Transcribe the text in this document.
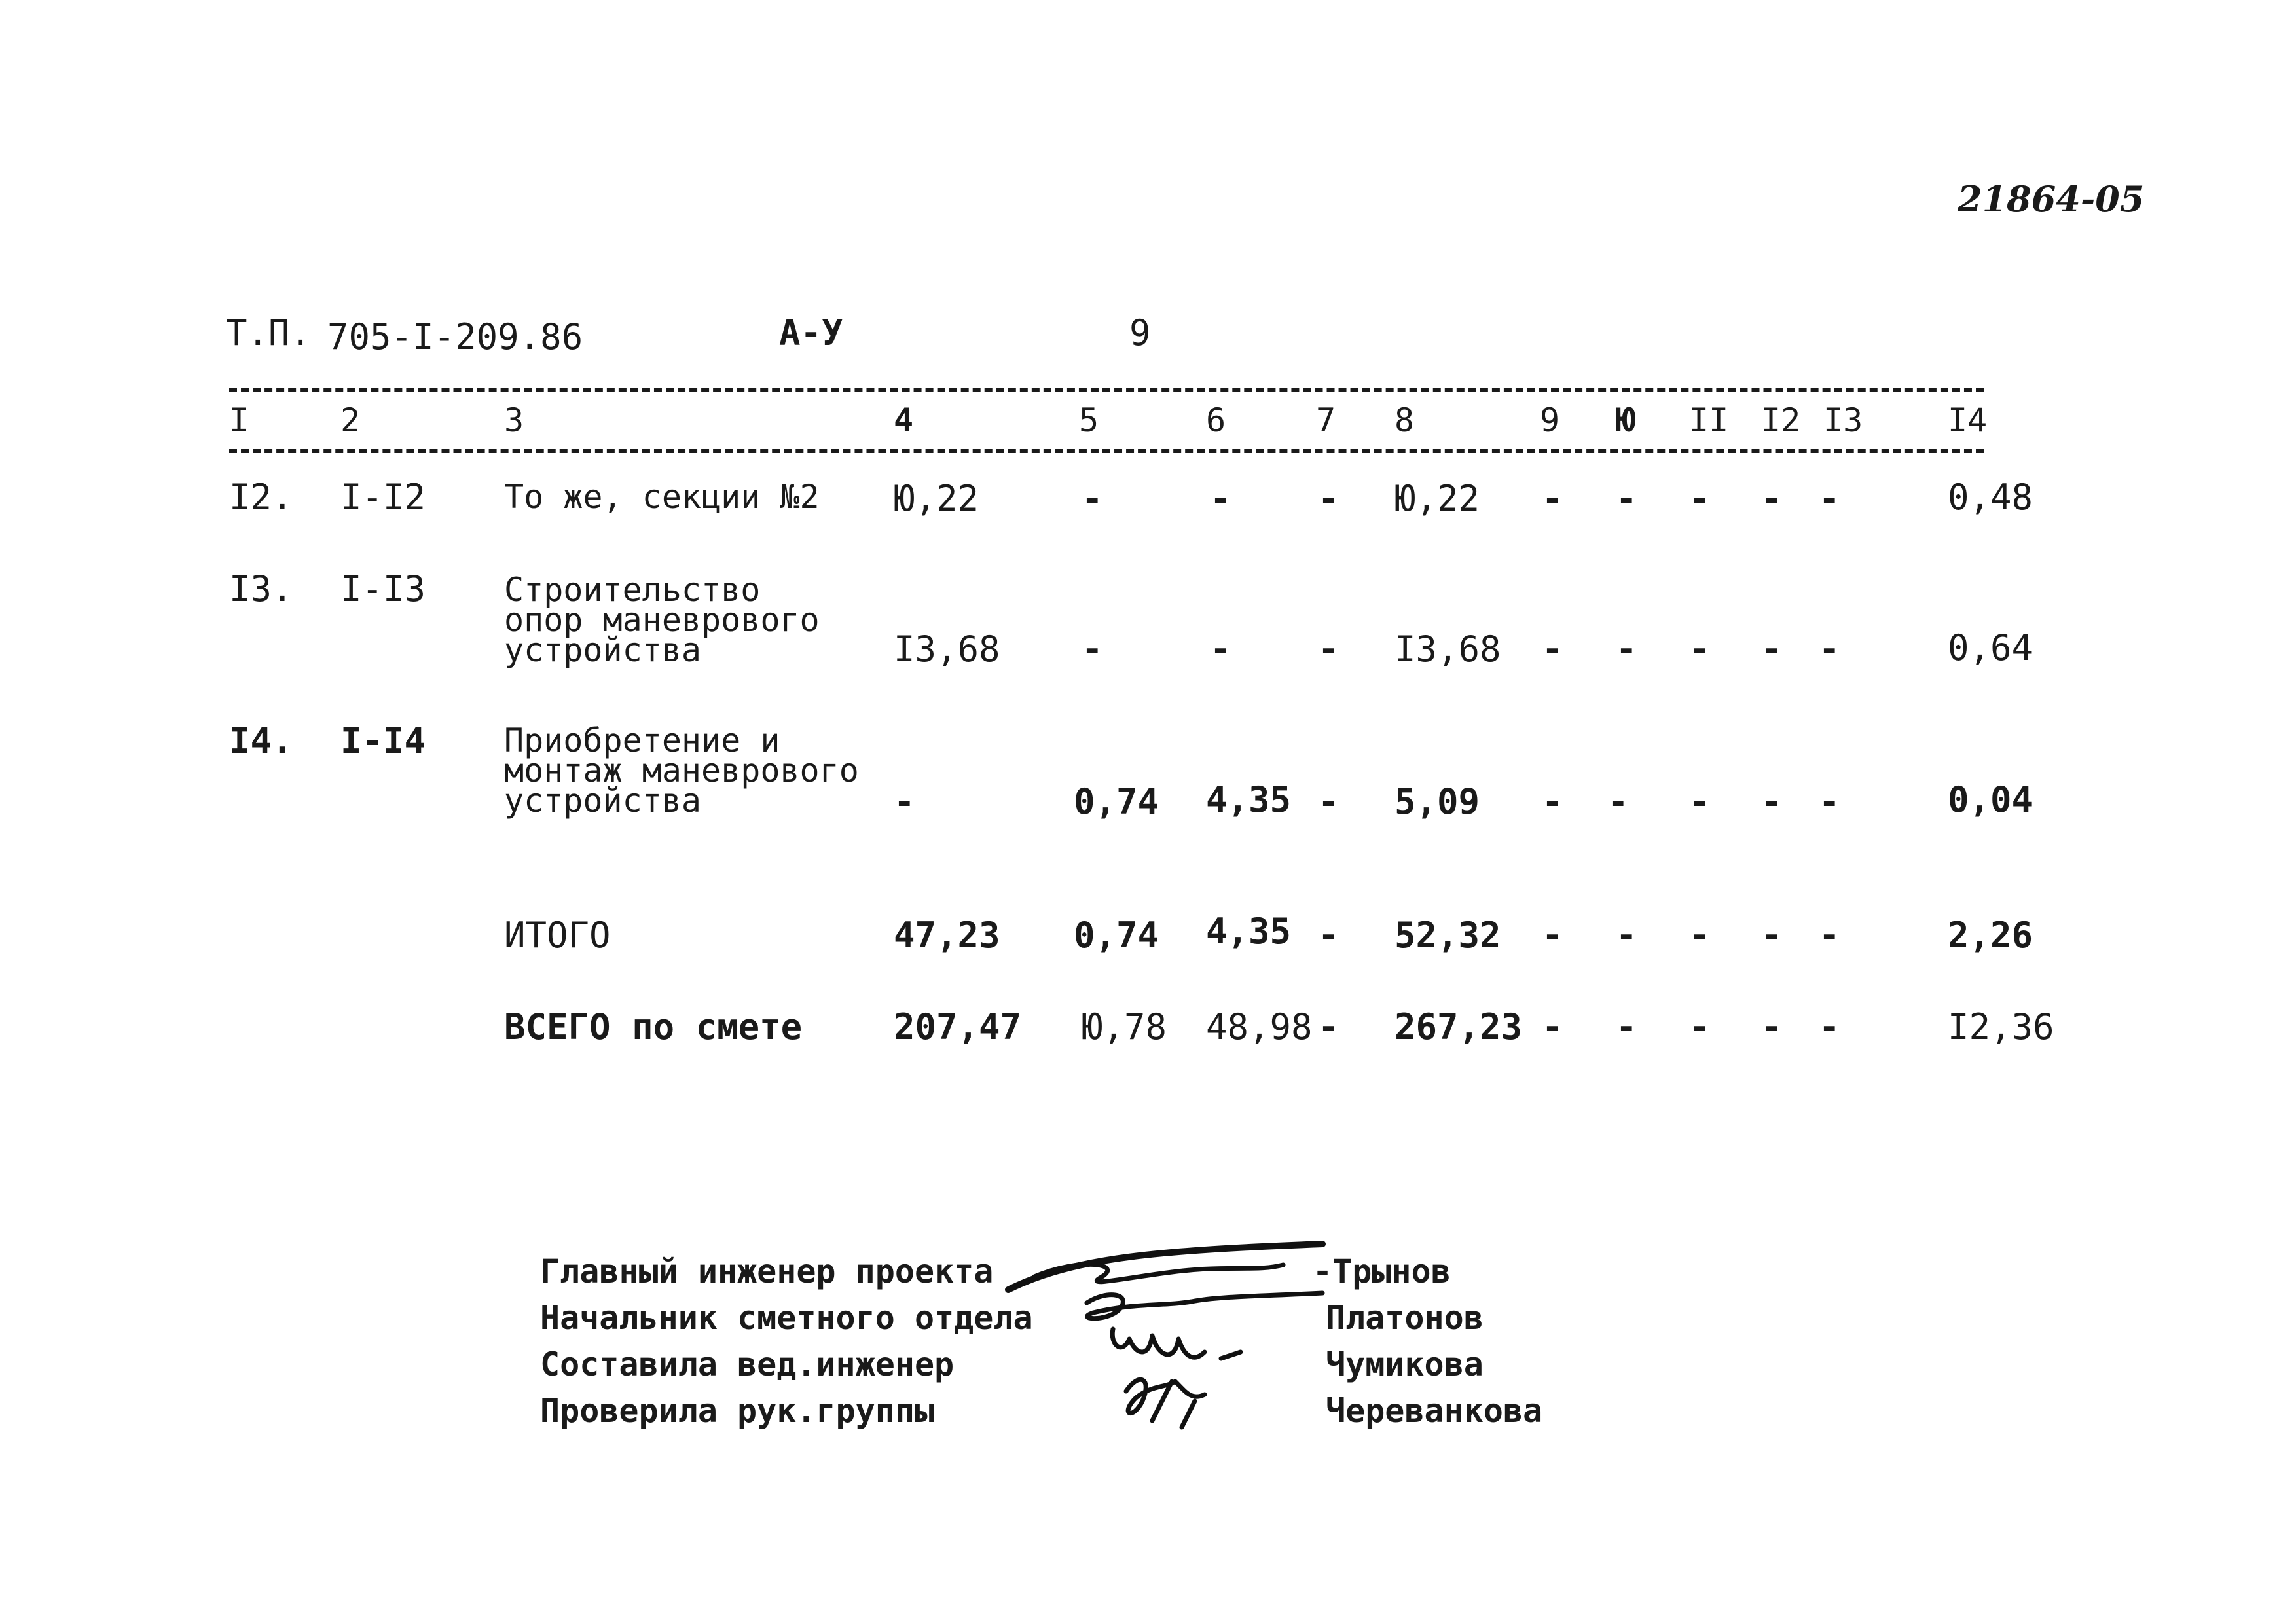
21864-05
Т.П. 705-I-209.86	А-У	9
I	2	3	4	5	6	7 8	9 Ю II I2 I3	I4
I2. I-I2 То же, секции №2 Ю,22	-	- - Ю,22 - - - - -	0,48
I3. I-I3 Строительство
опор маневрового
устройства	I3,68 -	- - I3,68 - - - - -	0,64
I4. I-I4 Приобретение и
монтаж маневрового
устройства	-	0,74 4,35 - 5,09 - - - - -	0,04
ИТОГО	47,23 0,74 4,35 - 52,32 - - - - -	2,26
ВСЕГО по смете	207,47 Ю,78 48,98 - 267,23 - - - - -	I2,36
Главный инженер проекта
Начальник сметного отдела
Составила вед.инженер
Проверила рук.группы
-Трынов
Платонов
Чумикова
Череванкова
